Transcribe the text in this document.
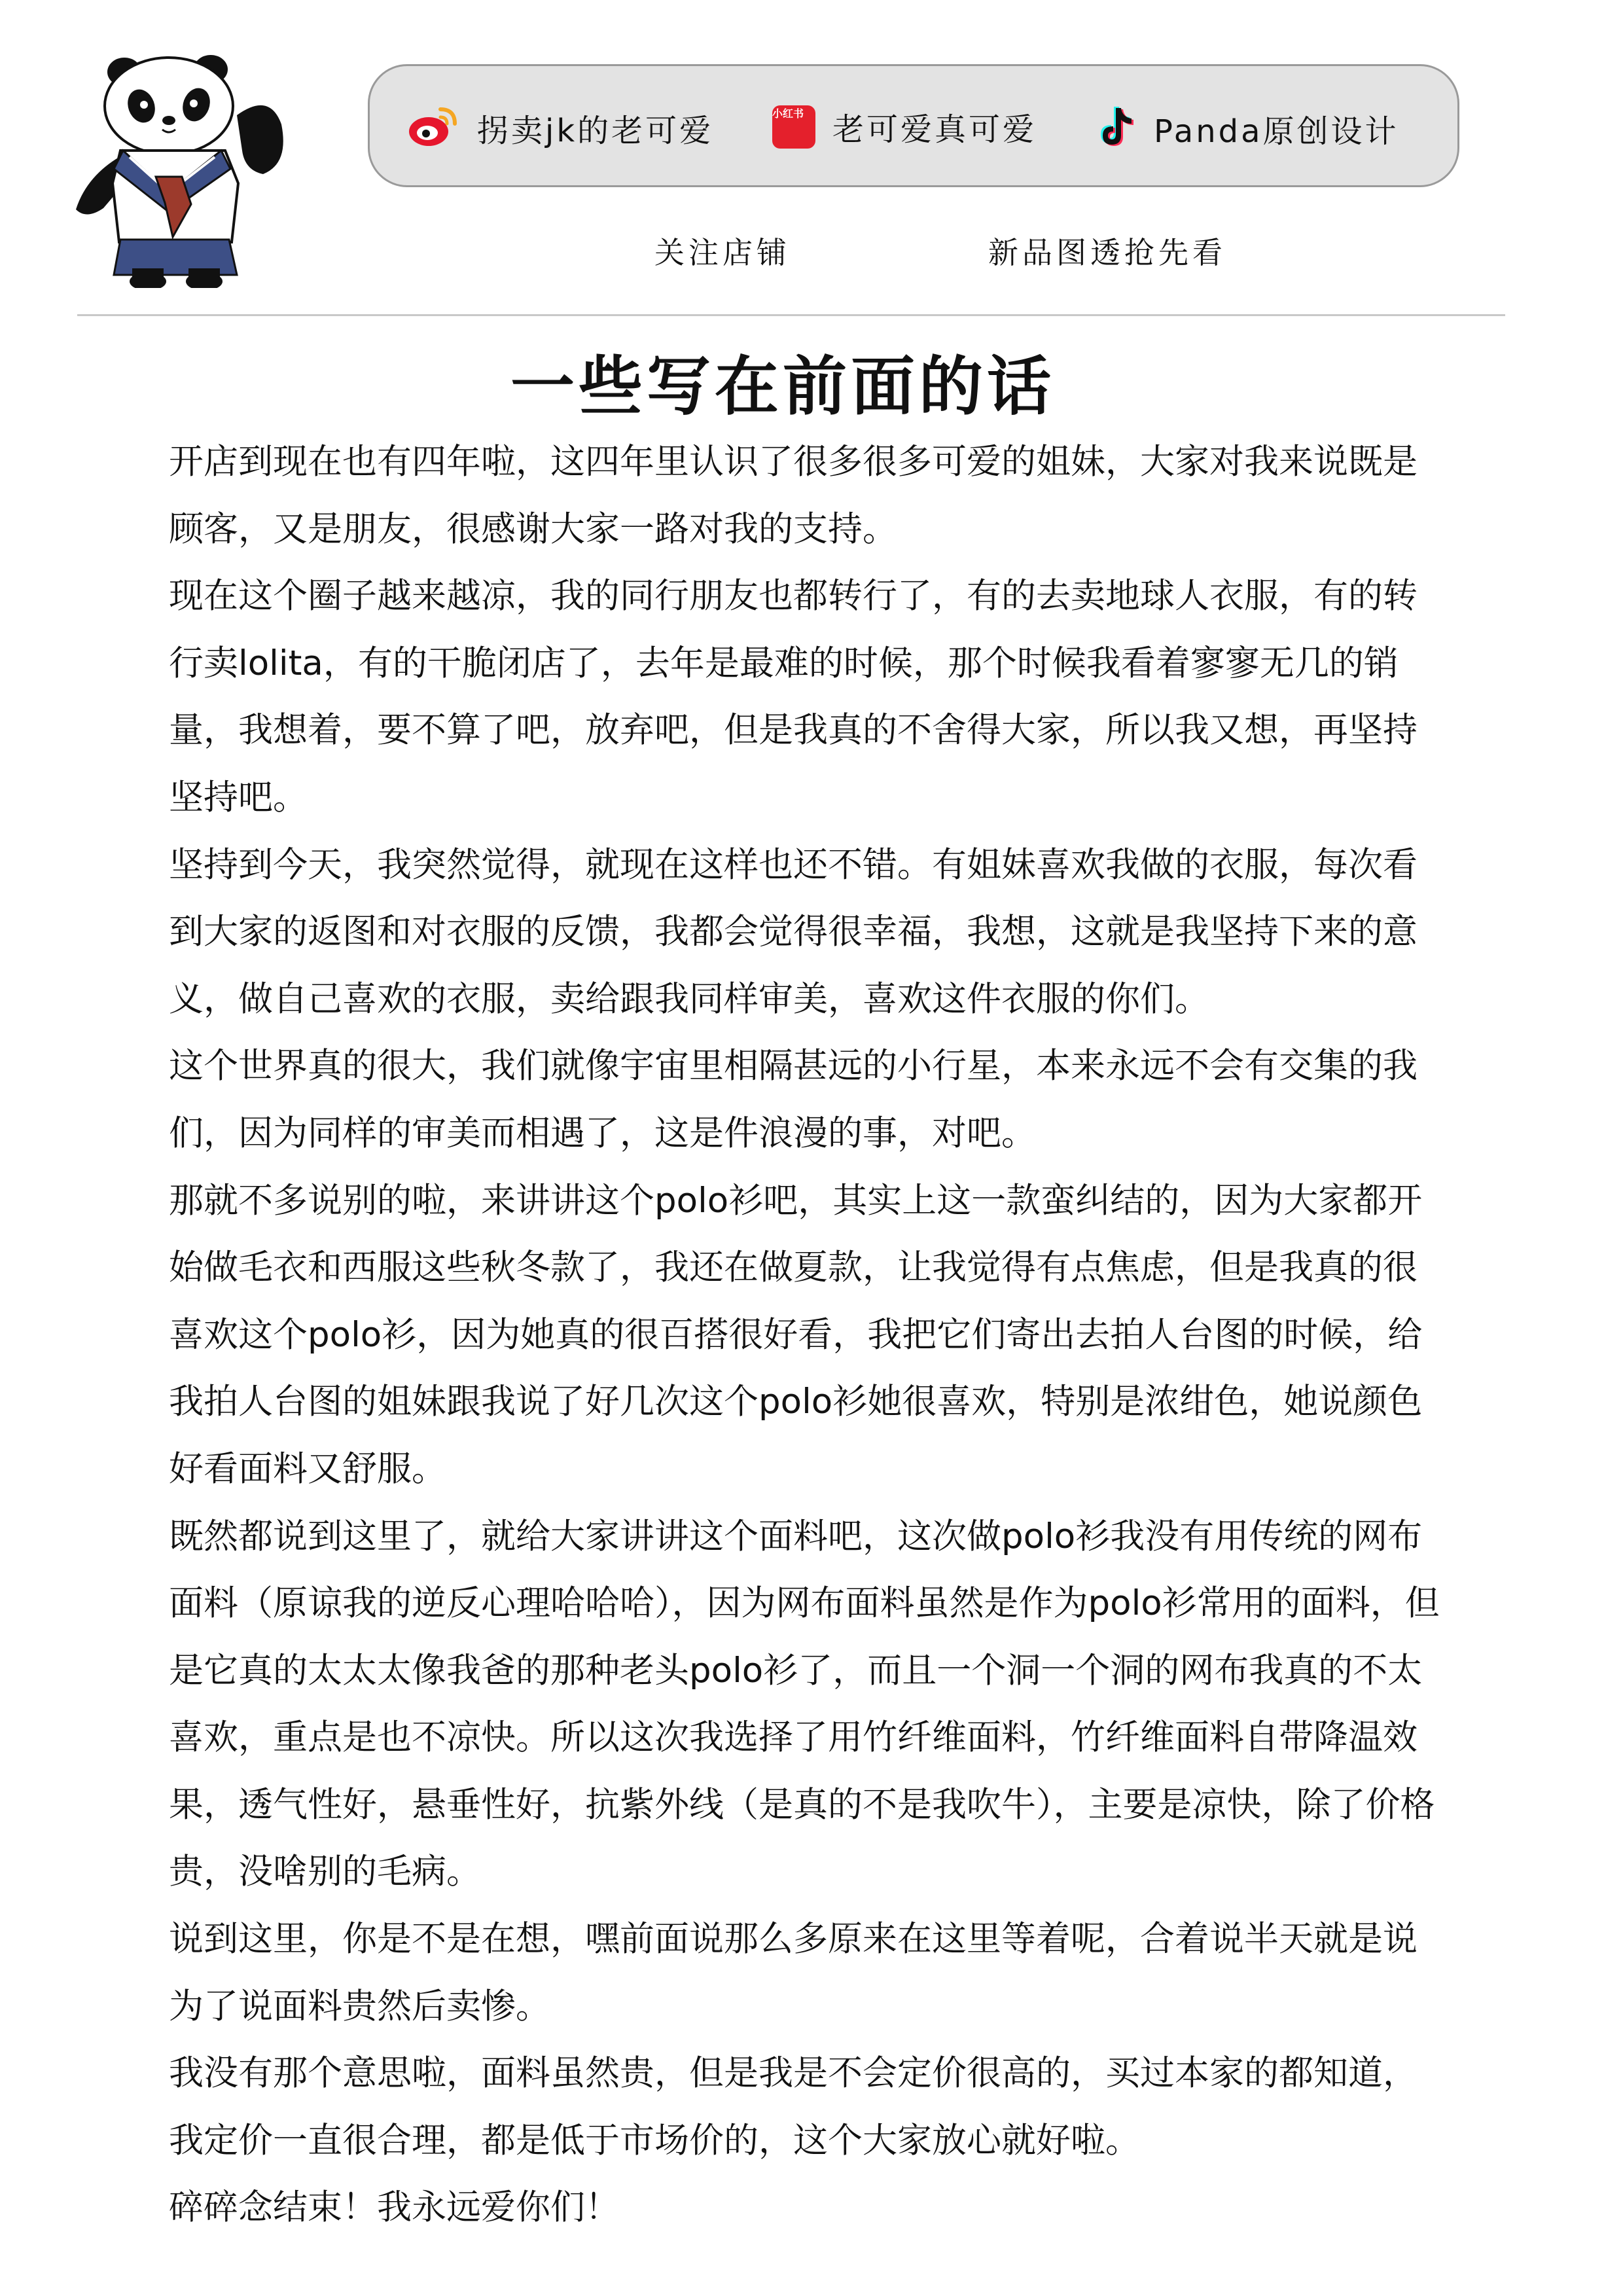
拐卖jk的老可爱	小红书 老可爱真可爱	Panda原创设计
关注店铺	新品图透抢先看
一些写在前面的话

开店到现在也有四年啦，这四年里认识了很多很多可爱的姐妹，大家对我来说既是顾客，又是朋友，很感谢大家一路对我的支持。

现在这个圈子越来越凉，我的同行朋友也都转行了，有的去卖地球人衣服，有的转行卖lolita，有的干脆闭店了，去年是最难的时候，那个时候我看着寥寥无几的销量，我想着，要不算了吧，放弃吧，但是我真的不舍得大家，所以我又想，再坚持坚持吧。

坚持到今天，我突然觉得，就现在这样也还不错。有姐妹喜欢我做的衣服，每次看到大家的返图和对衣服的反馈，我都会觉得很幸福，我想，这就是我坚持下来的意义，做自己喜欢的衣服，卖给跟我同样审美，喜欢这件衣服的你们。

这个世界真的很大，我们就像宇宙里相隔甚远的小行星，本来永远不会有交集的我们，因为同样的审美而相遇了，这是件浪漫的事，对吧。

那就不多说别的啦，来讲讲这个polo衫吧，其实上这一款蛮纠结的，因为大家都开始做毛衣和西服这些秋冬款了，我还在做夏款，让我觉得有点焦虑，但是我真的很喜欢这个polo衫，因为她真的很百搭很好看，我把它们寄出去拍人台图的时候，给我拍人台图的姐妹跟我说了好几次这个polo衫她很喜欢，特别是浓绀色，她说颜色好看面料又舒服。

既然都说到这里了，就给大家讲讲这个面料吧，这次做polo衫我没有用传统的网布面料（原谅我的逆反心理哈哈哈），因为网布面料虽然是作为polo衫常用的面料，但是它真的太太太像我爸的那种老头polo衫了，而且一个洞一个洞的网布我真的不太喜欢，重点是也不凉快。所以这次我选择了用竹纤维面料，竹纤维面料自带降温效果，透气性好，悬垂性好，抗紫外线（是真的不是我吹牛），主要是凉快，除了价格贵，没啥别的毛病。

说到这里，你是不是在想，嘿前面说那么多原来在这里等着呢，合着说半天就是说为了说面料贵然后卖惨。

我没有那个意思啦，面料虽然贵，但是我是不会定价很高的，买过本家的都知道，我定价一直很合理，都是低于市场价的，这个大家放心就好啦。

碎碎念结束！我永远爱你们！
